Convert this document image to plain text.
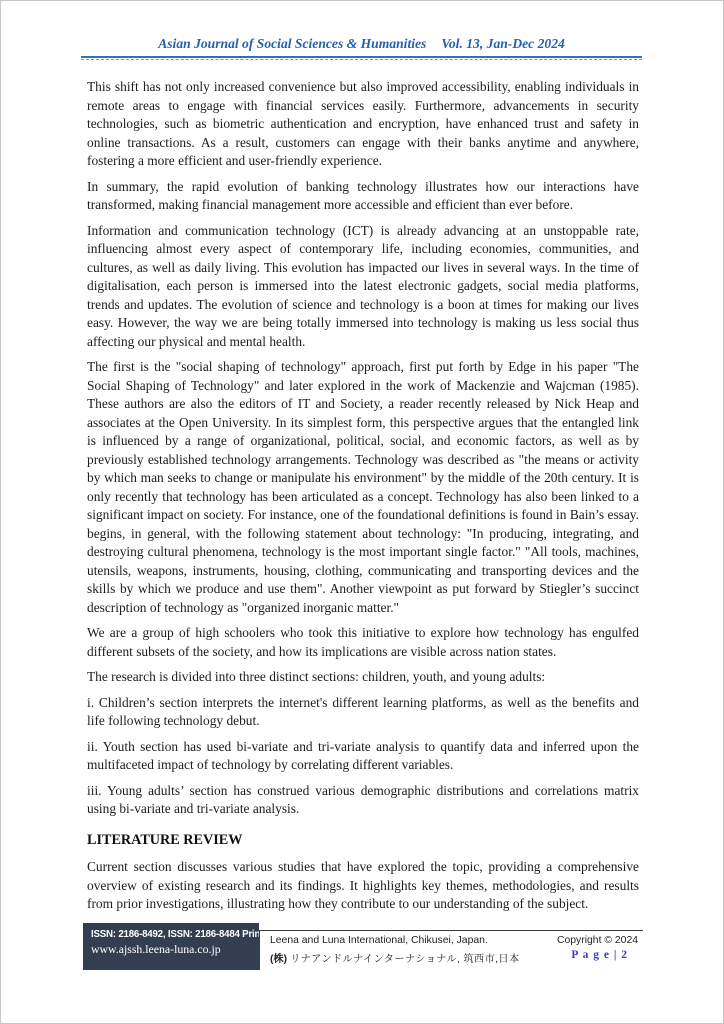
Asian Journal of Social Sciences & Humanities Vol. 13, Jan-Dec 2024

This shift has not only increased convenience but also improved accessibility, enabling individuals in remote areas to engage with financial services easily. Furthermore, advancements in security technologies, such as biometric authentication and encryption, have enhanced trust and safety in online transactions. As a result, customers can engage with their banks anytime and anywhere, fostering a more efficient and user-friendly experience.

In summary, the rapid evolution of banking technology illustrates how our interactions have transformed, making financial management more accessible and efficient than ever before.

Information and communication technology (ICT) is already advancing at an unstoppable rate, influencing almost every aspect of contemporary life, including economies, communities, and cultures, as well as daily living. This evolution has impacted our lives in several ways. In the time of digitalisation, each person is immersed into the latest electronic gadgets, social media platforms, trends and updates. The evolution of science and technology is a boon at times for making our lives easy. However, the way we are being totally immersed into technology is making us less social thus affecting our physical and mental health.

The first is the "social shaping of technology" approach, first put forth by Edge in his paper "The Social Shaping of Technology" and later explored in the work of Mackenzie and Wajcman (1985). These authors are also the editors of IT and Society, a reader recently released by Nick Heap and associates at the Open University. In its simplest form, this perspective argues that the entangled link is influenced by a range of organizational, political, social, and economic factors, as well as by previously established technology arrangements. Technology was described as "the means or activity by which man seeks to change or manipulate his environment" by the middle of the 20th century. It is only recently that technology has been articulated as a concept. Technology has also been linked to a significant impact on society. For instance, one of the foundational definitions is found in Bain’s essay. begins, in general, with the following statement about technology: "In producing, integrating, and destroying cultural phenomena, technology is the most important single factor." "All tools, machines, utensils, weapons, instruments, housing, clothing, communicating and transporting devices and the skills by which we produce and use them". Another viewpoint as put forward by Stiegler’s succinct description of technology as "organized inorganic matter."

We are a group of high schoolers who took this initiative to explore how technology has engulfed different subsets of the society, and how its implications are visible across nation states.

The research is divided into three distinct sections: children, youth, and young adults:

i. Children’s section interprets the internet's different learning platforms, as well as the benefits and life following technology debut.

ii. Youth section has used bi-variate and tri-variate analysis to quantify data and inferred upon the multifaceted impact of technology by correlating different variables.

iii. Young adults’ section has construed various demographic distributions and correlations matrix using bi-variate and tri-variate analysis.

LITERATURE REVIEW

Current section discusses various studies that have explored the topic, providing a comprehensive overview of existing research and its findings. It highlights key themes, methodologies, and results from prior investigations, illustrating how they contribute to our understanding of the subject.

ISSN: 2186-8492, ISSN: 2186-8484 Print
www.ajssh.leena-luna.co.jp
Leena and Luna International, Chikusei, Japan.
(株) リナアンドルナインターナショナル, 筑西市,日本
Copyright © 2024
P a g e | 2
